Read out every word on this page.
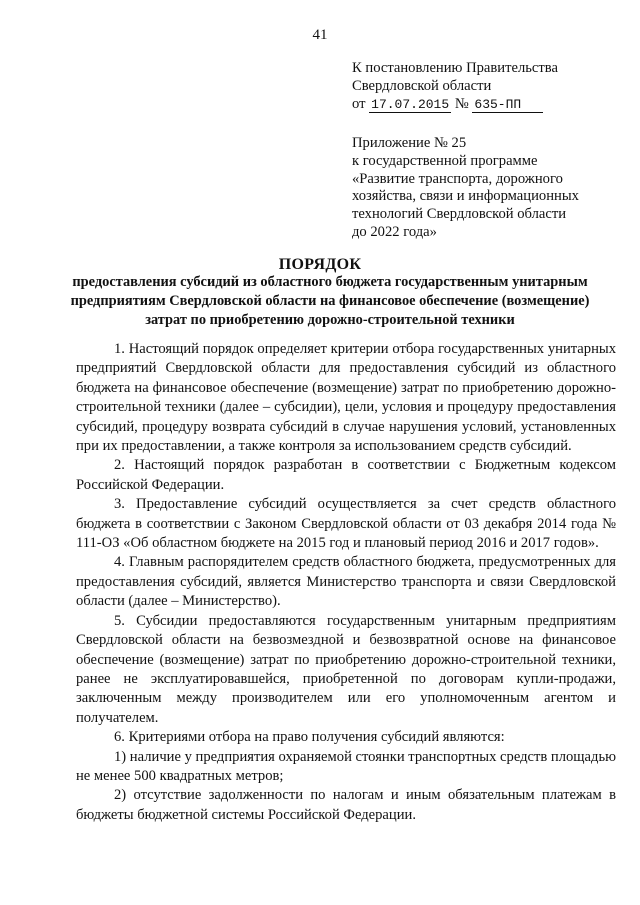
41
К постановлению Правительства
Свердловской области
от 17.07.2015 № 635-ПП
Приложение № 25
к государственной программе
«Развитие транспорта, дорожного
хозяйства, связи и информационных
технологий Свердловской области
до 2022 года»
ПОРЯДОК
предоставления субсидий из областного бюджета государственным унитарным предприятиям Свердловской области на финансовое обеспечение (возмещение) затрат по приобретению дорожно-строительной техники

1. Настоящий порядок определяет критерии отбора государственных унитарных предприятий Свердловской области для предоставления субсидий из областного бюджета на финансовое обеспечение (возмещение) затрат по приобретению дорожно-строительной техники (далее – субсидии), цели, условия и процедуру предоставления субсидий, процедуру возврата субсидий в случае нарушения условий, установленных при их предоставлении, а также контроля за использованием средств субсидий.

2. Настоящий порядок разработан в соответствии с Бюджетным кодексом Российской Федерации.

3. Предоставление субсидий осуществляется за счет средств областного бюджета в соответствии с Законом Свердловской области от 03 декабря 2014 года № 111-ОЗ «Об областном бюджете на 2015 год и плановый период 2016 и 2017 годов».

4. Главным распорядителем средств областного бюджета, предусмотренных для предоставления субсидий, является Министерство транспорта и связи Свердловской области (далее – Министерство).

5. Субсидии предоставляются государственным унитарным предприятиям Свердловской области на безвозмездной и безвозвратной основе на финансовое обеспечение (возмещение) затрат по приобретению дорожно-строительной техники, ранее не эксплуатировавшейся, приобретенной по договорам купли-продажи, заключенным между производителем или его уполномоченным агентом и получателем.

6. Критериями отбора на право получения субсидий являются:

1) наличие у предприятия охраняемой стоянки транспортных средств площадью не менее 500 квадратных метров;

2) отсутствие задолженности по налогам и иным обязательным платежам в бюджеты бюджетной системы Российской Федерации.
